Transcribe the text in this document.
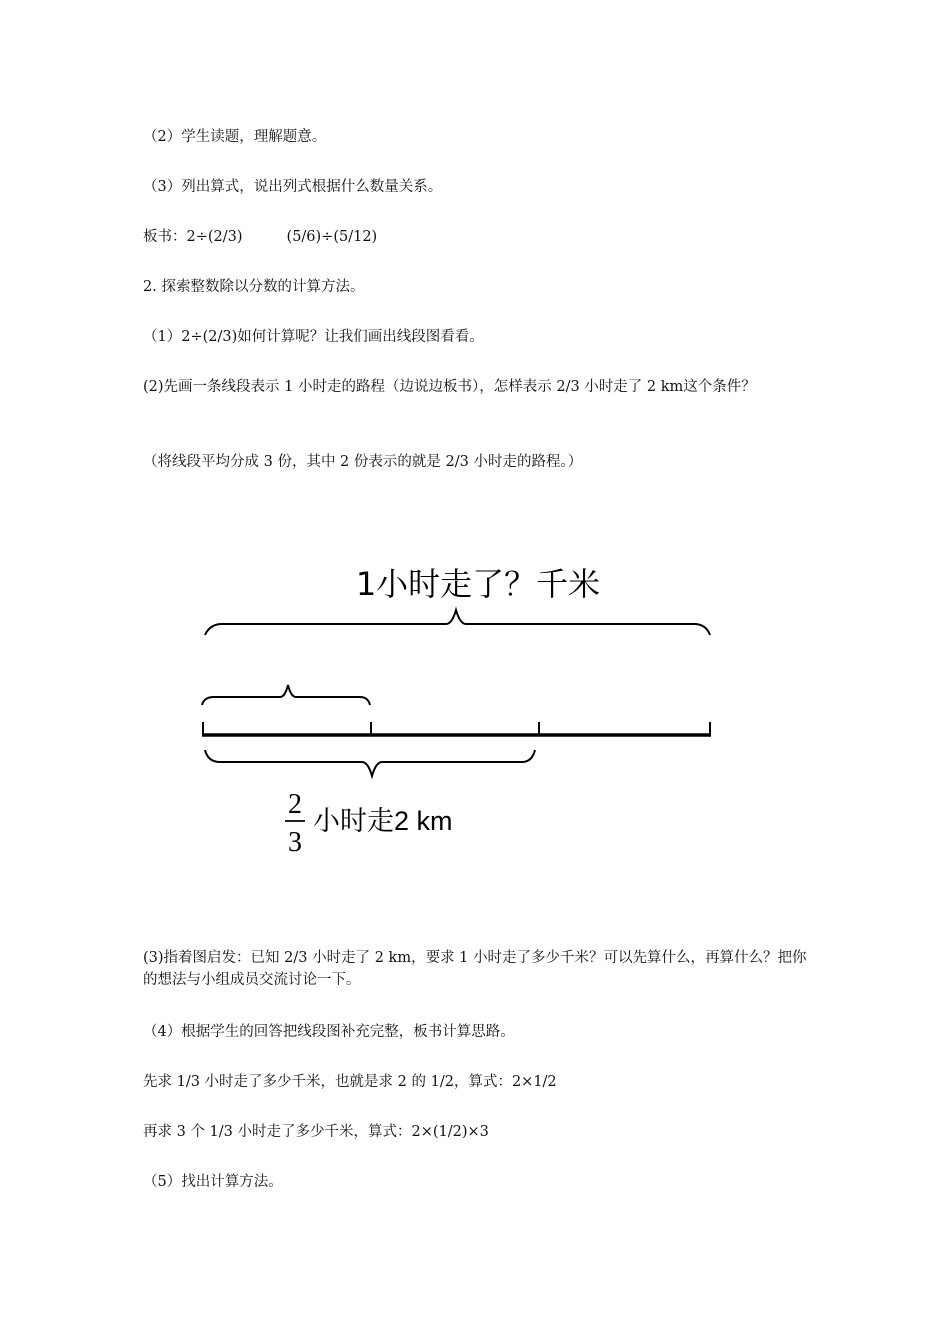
（2）学生读题，理解题意。
（3）列出算式，说出列式根据什么数量关系。
板书：2÷(2/3)	(5/6)÷(5/12)
2. 探索整数除以分数的计算方法。
（1）2÷(2/3)如何计算呢？让我们画出线段图看看。
(2)先画一条线段表示 1 小时走的路程（边说边板书），怎样表示 2/3 小时走了 2 km这个条件？
（将线段平均分成 3 份，其中 2 份表示的就是 2/3 小时走的路程。）
1小时走了？千米
2
3
小时走2 km
(3)指着图启发：已知 2/3 小时走了 2 km，要求 1 小时走了多少千米？可以先算什么，再算什么？把你的想法与小组成员交流讨论一下。
（4）根据学生的回答把线段图补充完整，板书计算思路。
先求 1/3 小时走了多少千米，也就是求 2 的 1/2，算式：2×1/2
再求 3 个 1/3 小时走了多少千米，算式：2×(1/2)×3
（5）找出计算方法。
